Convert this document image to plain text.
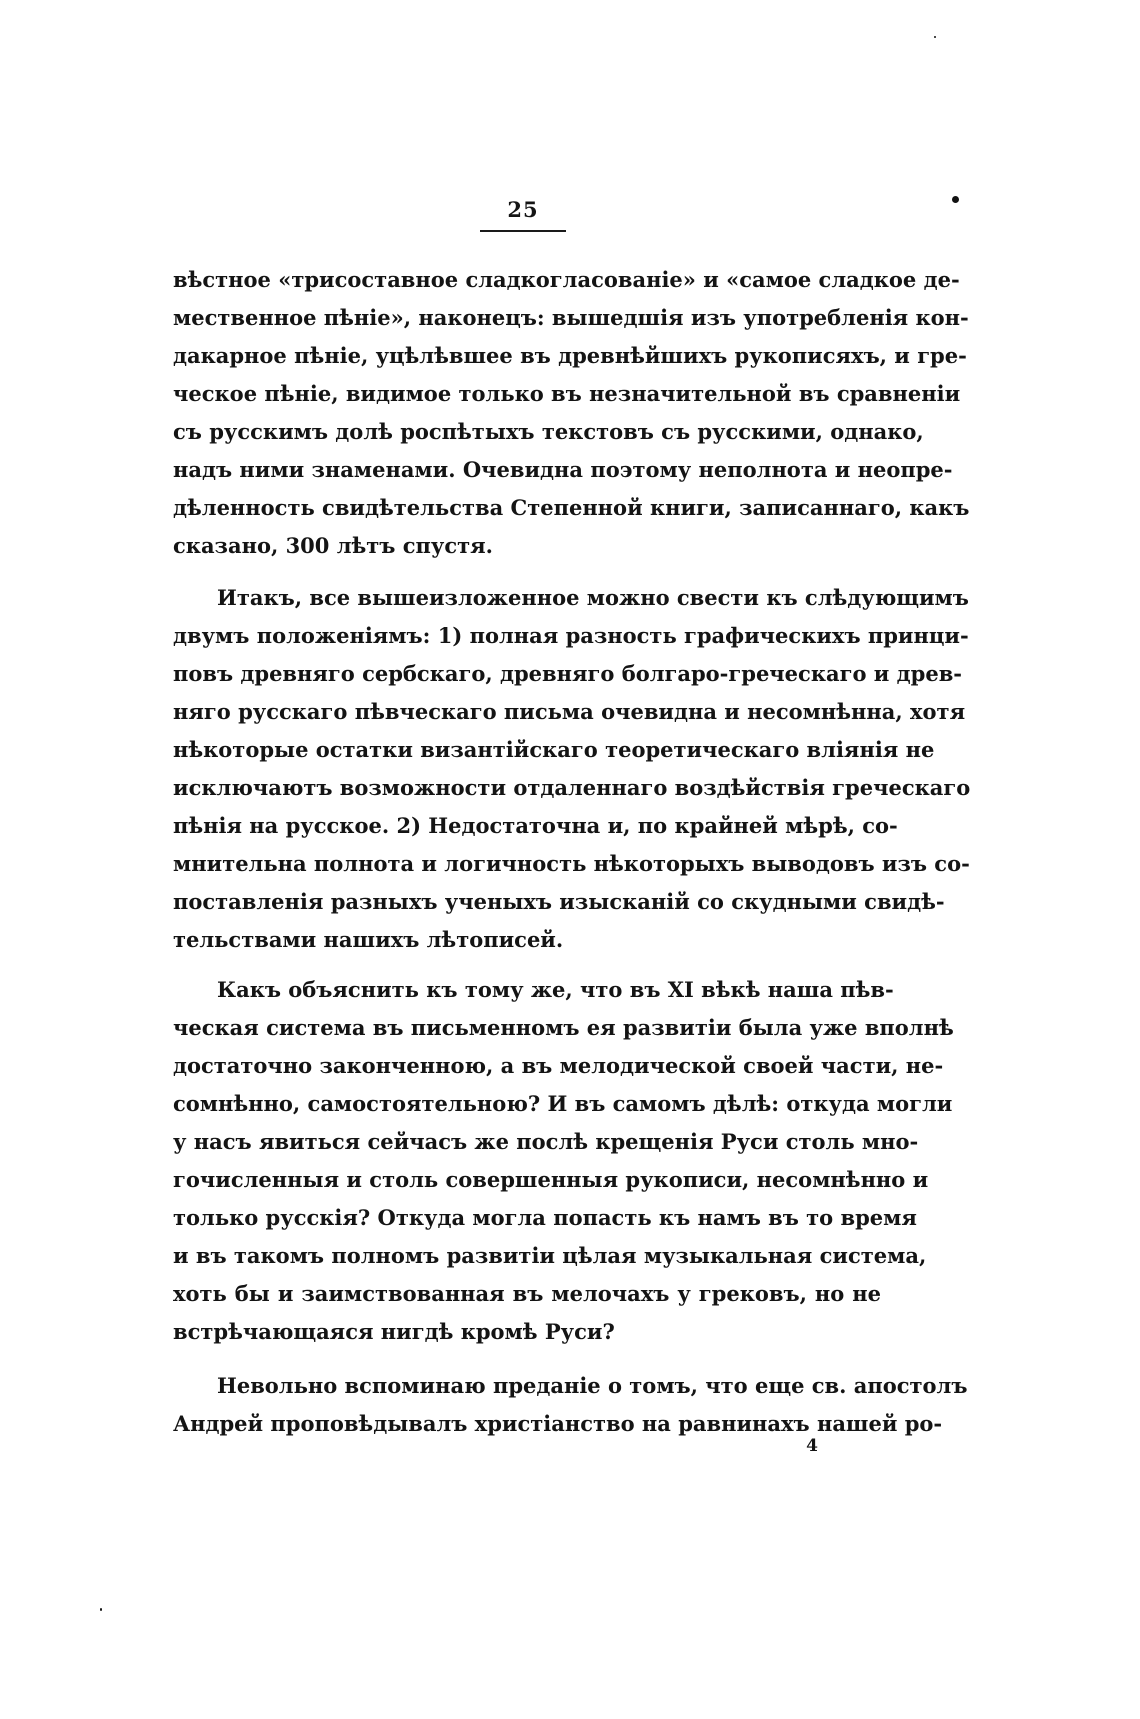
25
вѣстное «трисоставное сладкогласованіе» и «самое сладкое де-
мественное пѣніе», наконецъ: вышедшія изъ употребленія кон-
дакарное пѣніе, уцѣлѣвшее въ древнѣйшихъ рукописяхъ, и гре-
ческое пѣніе, видимое только въ незначительной въ сравненіи
съ русскимъ долѣ роспѣтыхъ текстовъ съ русскими, однако,
надъ ними знаменами. Очевидна поэтому неполнота и неопре-
дѣленность свидѣтельства Степенной книги, записаннаго, какъ
сказано, 300 лѣтъ спустя.
Итакъ, все вышеизложенное можно свести къ слѣдующимъ
двумъ положеніямъ: 1) полная разность графическихъ принци-
повъ древняго сербскаго, древняго болгаро-греческаго и древ-
няго русскаго пѣвческаго письма очевидна и несомнѣнна, хотя
нѣкоторые остатки византійскаго теоретическаго вліянія не
исключаютъ возможности отдаленнаго воздѣйствія греческаго
пѣнія на русское. 2) Недостаточна и, по крайней мѣрѣ, со-
мнительна полнота и логичность нѣкоторыхъ выводовъ изъ со-
поставленія разныхъ ученыхъ изысканій со скудными свидѣ-
тельствами нашихъ лѣтописей.
Какъ объяснить къ тому же, что въ XI вѣкѣ наша пѣв-
ческая система въ письменномъ ея развитіи была уже вполнѣ
достаточно законченною, а въ мелодической своей части, не-
сомнѣнно, самостоятельною? И въ самомъ дѣлѣ: откуда могли
у насъ явиться сейчасъ же послѣ крещенія Руси столь мно-
гочисленныя и столь совершенныя рукописи, несомнѣнно и
только русскія? Откуда могла попасть къ намъ въ то время
и въ такомъ полномъ развитіи цѣлая музыкальная система,
хоть бы и заимствованная въ мелочахъ у грековъ, но не
встрѣчающаяся нигдѣ кромѣ Руси?
Невольно вспоминаю преданіе о томъ, что еще св. апостолъ
Андрей проповѣдывалъ христіанство на равнинахъ нашей ро-
4
